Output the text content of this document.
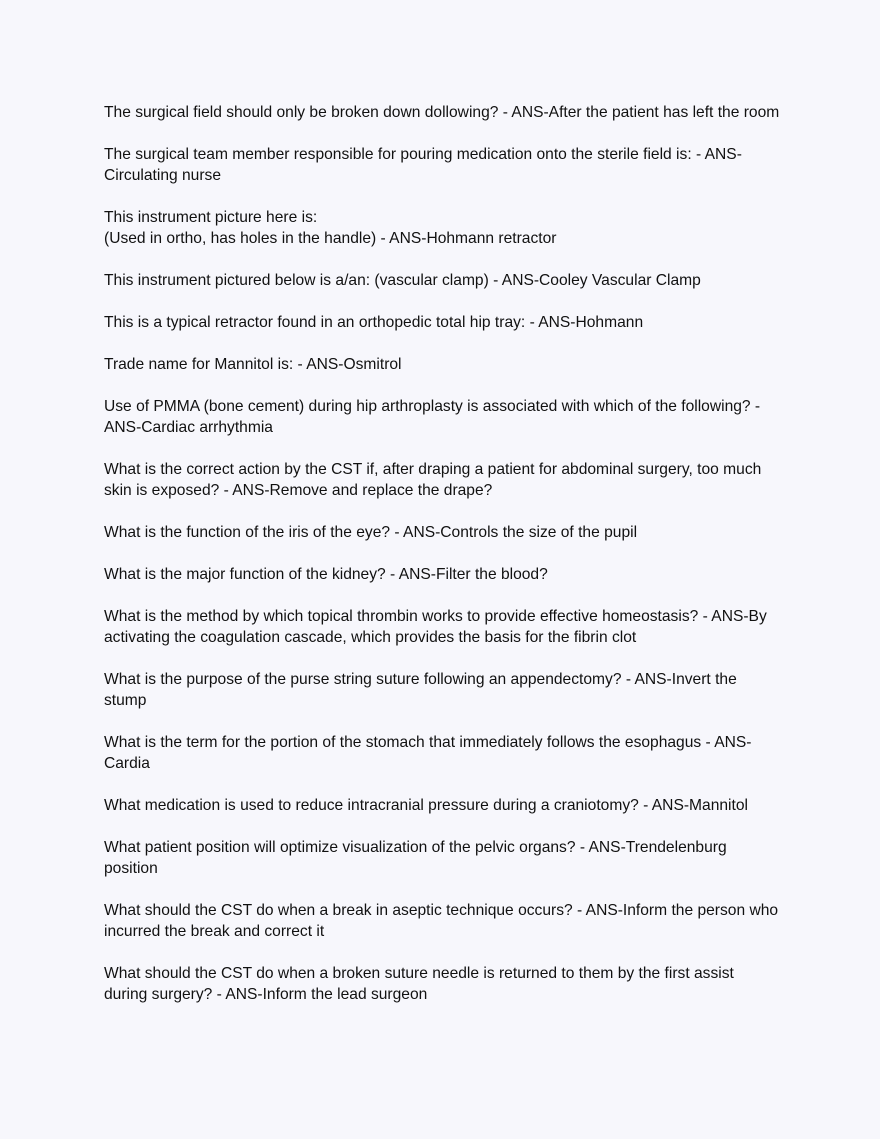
The surgical field should only be broken down dollowing? - ANS-After the patient has left the room

The surgical team member responsible for pouring medication onto the sterile field is: - ANS-Circulating nurse

This instrument picture here is:
(Used in ortho, has holes in the handle) - ANS-Hohmann retractor

This instrument pictured below is a/an: (vascular clamp) - ANS-Cooley Vascular Clamp

This is a typical retractor found in an orthopedic total hip tray: - ANS-Hohmann

Trade name for Mannitol is: - ANS-Osmitrol

Use of PMMA (bone cement) during hip arthroplasty is associated with which of the following? - ANS-Cardiac arrhythmia

What is the correct action by the CST if, after draping a patient for abdominal surgery, too much skin is exposed? - ANS-Remove and replace the drape?

What is the function of the iris of the eye? - ANS-Controls the size of the pupil

What is the major function of the kidney? - ANS-Filter the blood?

What is the method by which topical thrombin works to provide effective homeostasis? - ANS-By activating the coagulation cascade, which provides the basis for the fibrin clot

What is the purpose of the purse string suture following an appendectomy? - ANS-Invert the stump

What is the term for the portion of the stomach that immediately follows the esophagus - ANS-Cardia

What medication is used to reduce intracranial pressure during a craniotomy? - ANS-Mannitol

What patient position will optimize visualization of the pelvic organs? - ANS-Trendelenburg position

What should the CST do when a break in aseptic technique occurs? - ANS-Inform the person who incurred the break and correct it

What should the CST do when a broken suture needle is returned to them by the first assist during surgery? - ANS-Inform the lead surgeon
